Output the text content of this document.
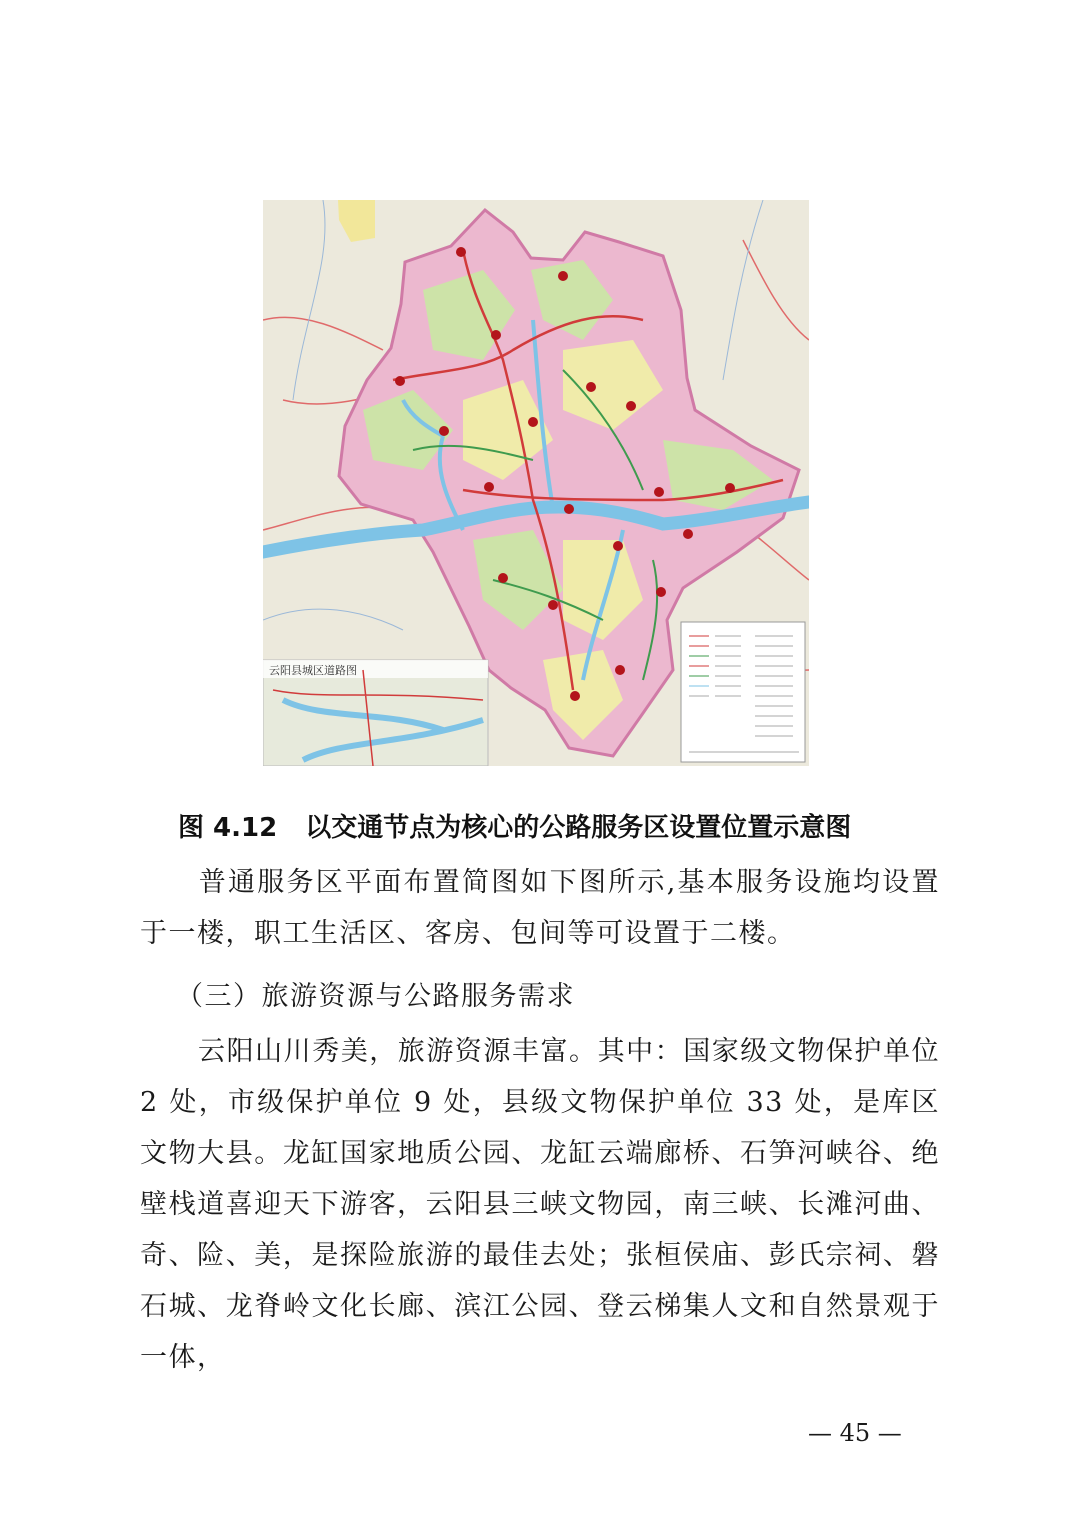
云阳县城区道路图
图 4.12 以交通节点为核心的公路服务区设置位置示意图
普通服务区平面布置简图如下图所示,基本服务设施均设置于一楼，职工生活区、客房、包间等可设置于二楼。
（三）旅游资源与公路服务需求
云阳山川秀美，旅游资源丰富。其中：国家级文物保护单位 2 处，市级保护单位 9 处，县级文物保护单位 33 处，是库区文物大县。龙缸国家地质公园、龙缸云端廊桥、石笋河峡谷、绝壁栈道喜迎天下游客，云阳县三峡文物园，南三峡、长滩河曲、奇、险、美，是探险旅游的最佳去处；张桓侯庙、彭氏宗祠、磐石城、龙脊岭文化长廊、滨江公园、登云梯集人文和自然景观于一体，
— 45 —
